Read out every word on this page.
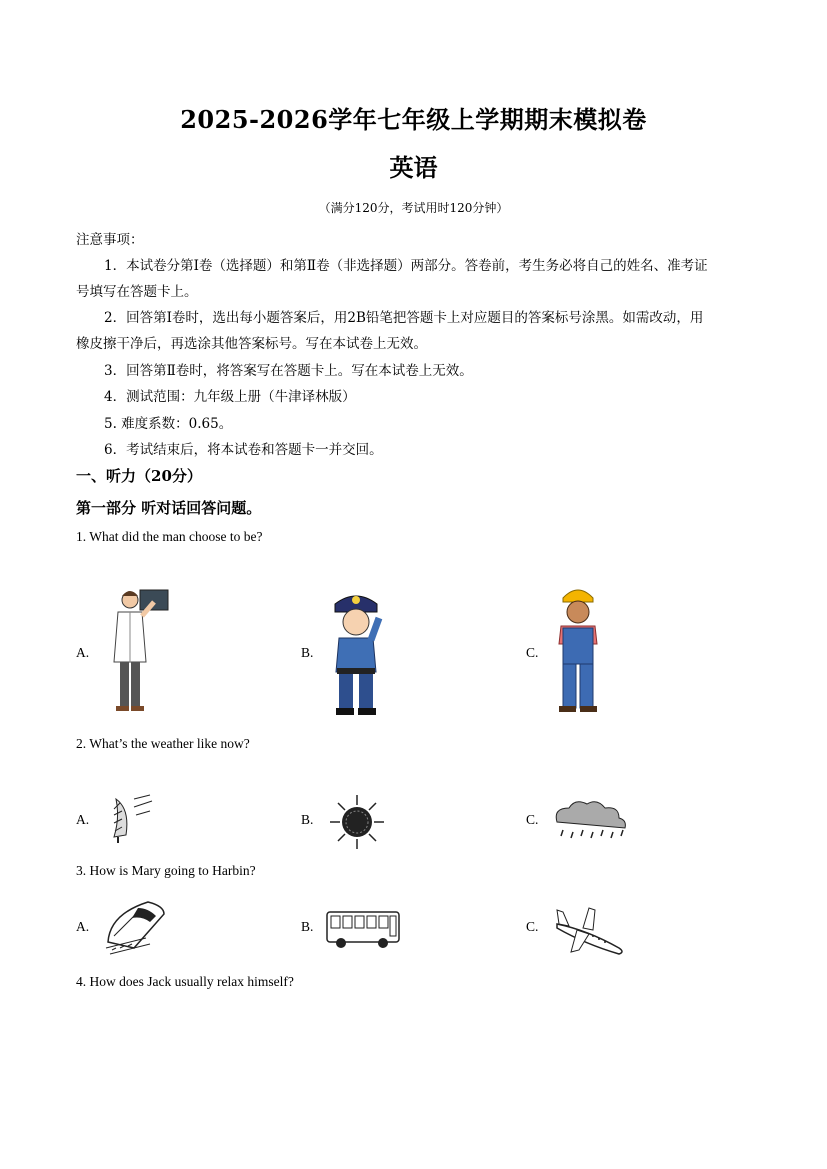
2025-2026学年七年级上学期期末模拟卷
英语
（满分120分，考试用时120分钟）
注意事项：
1．本试卷分第Ⅰ卷（选择题）和第Ⅱ卷（非选择题）两部分。答卷前，考生务必将自己的姓名、准考证
号填写在答题卡上。
2．回答第Ⅰ卷时，选出每小题答案后，用2B铅笔把答题卡上对应题目的答案标号涂黑。如需改动，用
橡皮擦干净后，再选涂其他答案标号。写在本试卷上无效。
3．回答第Ⅱ卷时，将答案写在答题卡上。写在本试卷上无效。
4．测试范围：九年级上册（牛津译林版）
5. 难度系数：0.65。
6．考试结束后，将本试卷和答题卡一并交回。
一、听力（20分）
第一部分 听对话回答问题。
1. What did the man choose to be?
A.	B.	C.
2. What’s the weather like now?
A.	B.	C.
3. How is Mary going to Harbin?
A.	B.	C.
4. How does Jack usually relax himself?
